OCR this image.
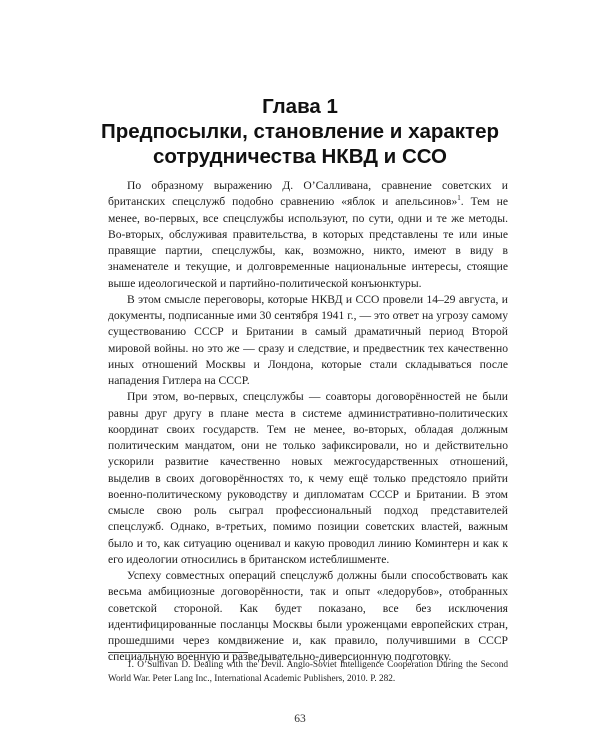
Глава 1
Предпосылки, становление и характер
сотрудничества НКВД и ССО

По образному выражению Д. О’Салливана, сравнение советских и британских спецслужб подобно сравнению «яблок и апельсинов»$^1$. Тем не менее, во-первых, все спецслужбы используют, по сути, одни и те же методы. Во-вторых, обслуживая правительства, в которых представлены те или иные правящие партии, спецслужбы, как, возможно, никто, имеют в виду в знаменателе и текущие, и долговременные национальные интересы, стоящие выше идеологической и партийно-политической конъюнктуры.

В этом смысле переговоры, которые НКВД и ССО провели 14–29 августа, и документы, подписанные ими 30 сентября 1941 г., — это ответ на угрозу самому существованию СССР и Британии в самый драматичный период Второй мировой войны. но это же — сразу и следствие, и предвестник тех качественно иных отношений Москвы и Лондона, которые стали складываться после нападения Гитлера на СССР.

При этом, во-первых, спецслужбы — соавторы договорённостей не были равны друг другу в плане места в системе административно-политических координат своих государств. Тем не менее, во-вторых, обладая должным политическим мандатом, они не только зафиксировали, но и действительно ускорили развитие качественно новых межгосударственных отношений, выделив в своих договорённостях то, к чему ещё только предстояло прийти военно-политическому руководству и дипломатам СССР и Британии. В этом смысле свою роль сыграл профессиональный подход представителей спецслужб. Однако, в-третьих, помимо позиции советских властей, важным было и то, как ситуацию оценивал и какую проводил линию Коминтерн и как к его идеологии относились в британском истеблишменте.

Успеху совместных операций спецслужб должны были способствовать как весьма амбициозные договорённости, так и опыт «ледорубов», отобранных советской стороной. Как будет показано, все без исключения идентифицированные посланцы Москвы были уроженцами европейских стран, прошедшими через комдвижение и, как правило, получившими в СССР специальную военную и разведывательно-диверсионную подготовку.

1. O’Sullivan D. Dealing with the Devil. Anglo-Soviet Intelligence Cooperation During the Second World War. Peter Lang Inc., International Academic Publishers, 2010. P. 282.

63
